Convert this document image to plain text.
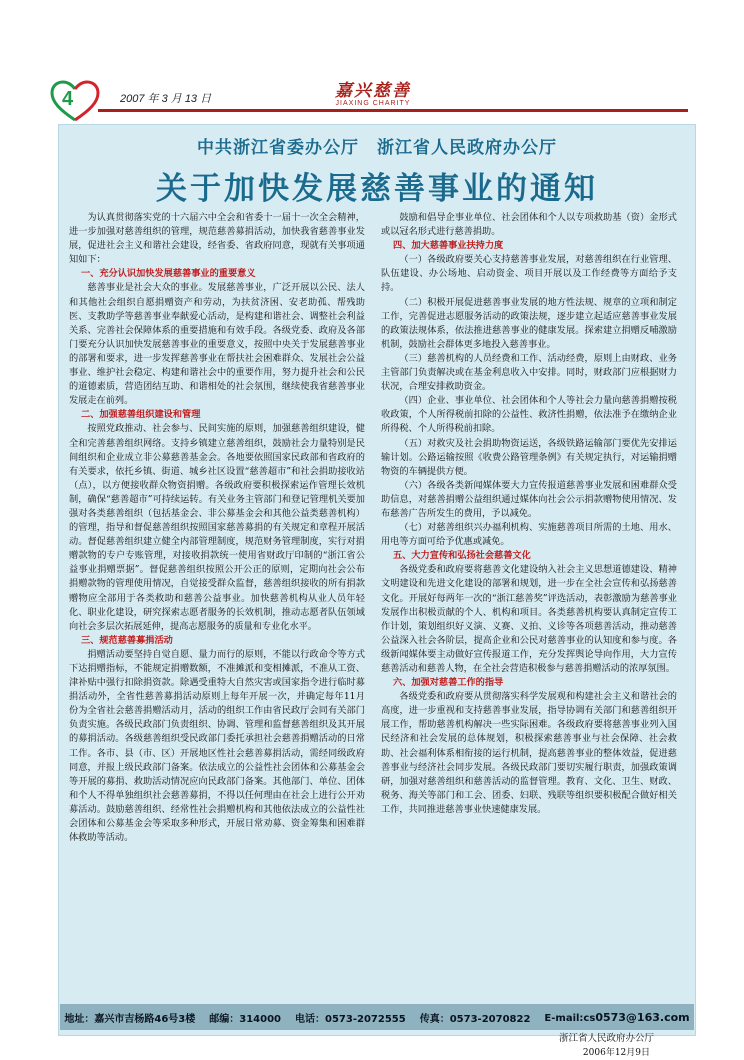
4	2007 年 3 月 13 日	嘉兴慈善
JIAXING CHARITY
中共浙江省委办公厅　浙江省人民政府办公厅
关于加快发展慈善事业的通知

为认真贯彻落实党的十六届六中全会和省委十一届十一次全会精神，进一步加强对慈善组织的管理，规范慈善募捐活动，加快我省慈善事业发展，促进社会主义和谐社会建设，经省委、省政府同意，现就有关事项通知如下：

一、充分认识加快发展慈善事业的重要意义

慈善事业是社会大众的事业。发展慈善事业，广泛开展以公民、法人和其他社会组织自愿捐赠资产和劳动，为扶贫济困、安老助孤、帮残助医、支教助学等慈善事业奉献爱心活动，是构建和谐社会、调整社会利益关系、完善社会保障体系的重要措施和有效手段。各级党委、政府及各部门要充分认识加快发展慈善事业的重要意义，按照中央关于发展慈善事业的部署和要求，进一步发挥慈善事业在帮扶社会困难群众、发展社会公益事业、维护社会稳定、构建和谐社会中的重要作用，努力提升社会和公民的道德素质，营造团结互助、和谐相处的社会氛围，继续使我省慈善事业发展走在前列。

二、加强慈善组织建设和管理

按照党政推动、社会参与、民间实施的原则，加强慈善组织建设，健全和完善慈善组织网络。支持乡镇建立慈善组织，鼓励社会力量特别是民间组织和企业成立非公募慈善基金会。各地要依照国家民政部和省政府的有关要求，依托乡镇、街道、城乡社区设置“慈善超市”和社会捐助接收站（点），以方便接收群众物资捐赠。各级政府要积极探索运作管理长效机制，确保“慈善超市”可持续运转。有关业务主管部门和登记管理机关要加强对各类慈善组织（包括基金会、非公募基金会和其他公益类慈善机构）的管理，指导和督促慈善组织按照国家慈善募捐的有关规定和章程开展活动。督促慈善组织建立健全内部管理制度，规范财务管理制度，实行对捐赠款物的专户专账管理，对接收捐款统一使用省财政厅印制的“浙江省公益事业捐赠票据”。督促慈善组织按照公开公正的原则，定期向社会公布捐赠款物的管理使用情况，自觉接受群众监督，慈善组织接收的所有捐款赠物应全部用于各类救助和慈善公益事业。加快慈善机构从业人员年轻化、职业化建设，研究探索志愿者服务的长效机制，推动志愿者队伍领域向社会多层次拓展延伸，提高志愿服务的质量和专业化水平。

三、规范慈善募捐活动

捐赠活动要坚持自觉自愿、量力而行的原则，不能以行政命令等方式下达捐赠指标，不能规定捐赠数额，不准摊派和变相摊派，不准从工资、津补贴中强行扣除捐资款。除遇受重特大自然灾害或国家指令进行临时募捐活动外，全省性慈善募捐活动原则上每年开展一次，并确定每年11月份为全省社会慈善捐赠活动月，活动的组织工作由省民政厅会同有关部门负责实施。各级民政部门负责组织、协调、管理和监督慈善组织及其开展的募捐活动。各级慈善组织受民政部门委托承担社会慈善捐赠活动的日常工作。各市、县（市、区）开展地区性社会慈善募捐活动，需经同级政府同意，并报上级民政部门备案。依法成立的公益性社会团体和公募基金会等开展的募捐、救助活动情况应向民政部门备案。其他部门、单位、团体和个人不得单独组织社会慈善募捐，不得以任何理由在社会上进行公开劝募活动。鼓励慈善组织、经常性社会捐赠机构和其他依法成立的公益性社会团体和公募基金会等采取多种形式，开展日常劝募、资金筹集和困难群体救助等活动。

鼓励和倡导企事业单位、社会团体和个人以专项救助基（资）金形式或以冠名形式进行慈善捐助。

四、加大慈善事业扶持力度

（一）各级政府要关心支持慈善事业发展，对慈善组织在行业管理、队伍建设、办公场地、启动资金、项目开展以及工作经费等方面给予支持。

（二）积极开展促进慈善事业发展的地方性法规、规章的立项和制定工作，完善促进志愿服务活动的政策法规，逐步建立起适应慈善事业发展的政策法规体系，依法推进慈善事业的健康发展。探索建立捐赠反哺激励机制，鼓励社会群体更多地投入慈善事业。

（三）慈善机构的人员经费和工作、活动经费，原则上由财政、业务主管部门负责解决或在基金利息收入中安排。同时，财政部门应根据财力状况，合理安排救助资金。

（四）企业、事业单位、社会团体和个人等社会力量向慈善捐赠按税收政策，个人所得税前扣除的公益性、救济性捐赠，依法准予在缴纳企业所得税、个人所得税前扣除。

（五）对救灾及社会捐助物资运送，各级铁路运输部门要优先安排运输计划。公路运输按照《收费公路管理条例》有关规定执行，对运输捐赠物资的车辆提供方便。

（六）各级各类新闻媒体要大力宣传报道慈善事业发展和困难群众受助信息，对慈善捐赠公益组织通过媒体向社会公示捐款赠物使用情况、发布慈善广告所发生的费用，予以减免。

（七）对慈善组织兴办福利机构、实施慈善项目所需的土地、用水、用电等方面可给予优惠或减免。

五、大力宣传和弘扬社会慈善文化

各级党委和政府要将慈善文化建设纳入社会主义思想道德建设、精神文明建设和先进文化建设的部署和规划，进一步在全社会宣传和弘扬慈善文化。开展好每两年一次的“浙江慈善奖”评选活动，表彰激励为慈善事业发展作出积极贡献的个人、机构和项目。各类慈善机构要认真制定宣传工作计划，策划组织好义演、义赛、义拍、义诊等各项慈善活动，推动慈善公益深入社会各阶层，提高企业和公民对慈善事业的认知度和参与度。各级新闻媒体要主动做好宣传报道工作，充分发挥舆论导向作用，大力宣传慈善活动和慈善人物，在全社会营造积极参与慈善捐赠活动的浓厚氛围。

六、加强对慈善工作的指导

各级党委和政府要从贯彻落实科学发展观和构建社会主义和谐社会的高度，进一步重视和支持慈善事业发展，指导协调有关部门和慈善组织开展工作，帮助慈善机构解决一些实际困难。各级政府要将慈善事业列入国民经济和社会发展的总体规划，积极探索慈善事业与社会保障、社会救助、社会福利体系相衔接的运行机制，提高慈善事业的整体效益，促进慈善事业与经济社会同步发展。各级民政部门要切实履行职责，加强政策调研，加强对慈善组织和慈善活动的监督管理。教育、文化、卫生、财政、税务、海关等部门和工会、团委、妇联、残联等组织要积极配合做好相关工作，共同推进慈善事业快速健康发展。

浙江省人民政府办公厅
2006年12月9日
地址：嘉兴市吉杨路46号3楼 邮编：314000 电话：0573-2072555 传真：0573-2070822 E-mail:cs0573@163.com
